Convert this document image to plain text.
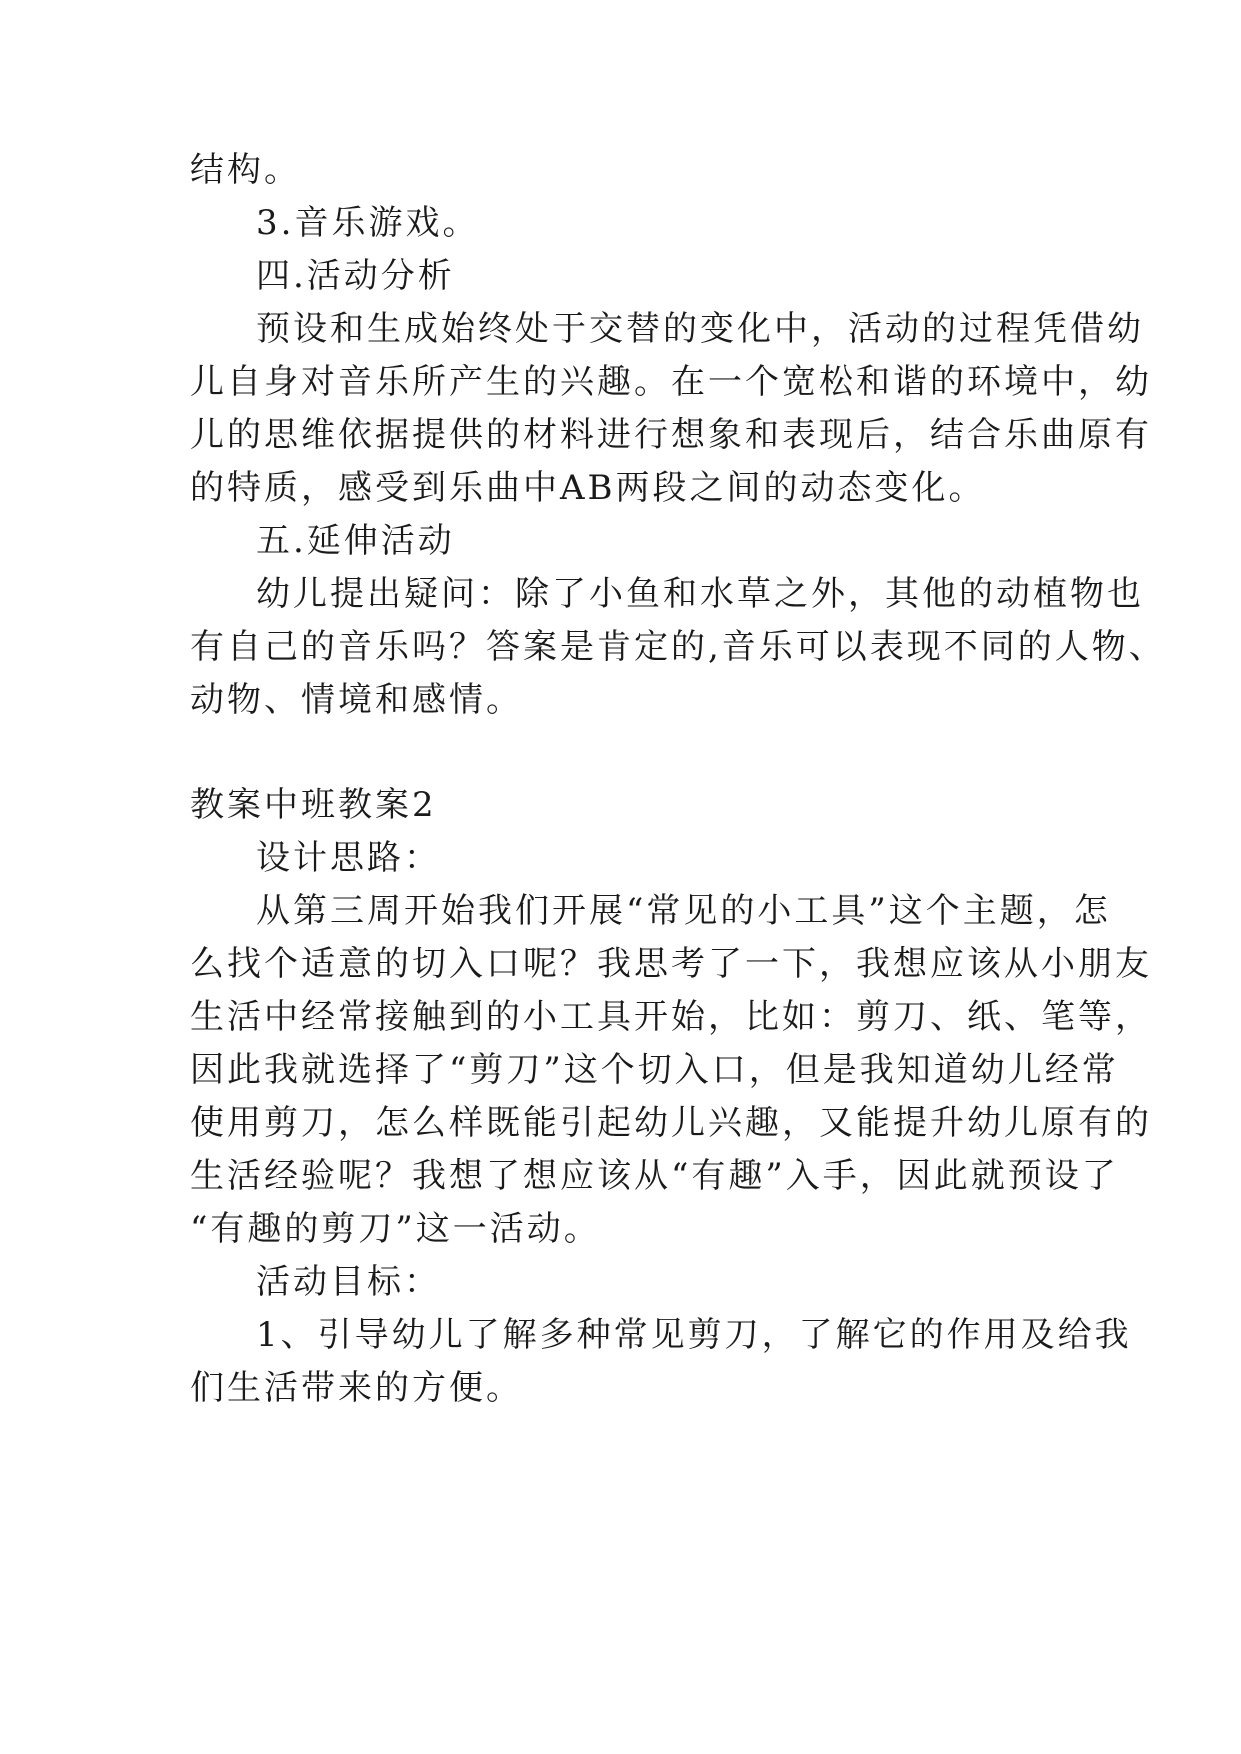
结构。
3.音乐游戏。
四.活动分析
预设和生成始终处于交替的变化中，活动的过程凭借幼
儿自身对音乐所产生的兴趣。在一个宽松和谐的环境中，幼
儿的思维依据提供的材料进行想象和表现后，结合乐曲原有
的特质，感受到乐曲中AB两段之间的动态变化。
五.延伸活动
幼儿提出疑问：除了小鱼和水草之外，其他的动植物也
有自己的音乐吗？答案是肯定的,音乐可以表现不同的人物、
动物、情境和感情。
教案中班教案2
设计思路：
从第三周开始我们开展“常见的小工具”这个主题，怎
么找个适意的切入口呢？我思考了一下，我想应该从小朋友
生活中经常接触到的小工具开始，比如：剪刀、纸、笔等，
因此我就选择了“剪刀”这个切入口，但是我知道幼儿经常
使用剪刀，怎么样既能引起幼儿兴趣，又能提升幼儿原有的
生活经验呢？我想了想应该从“有趣”入手，因此就预设了
“有趣的剪刀”这一活动。
活动目标：
1、引导幼儿了解多种常见剪刀，了解它的作用及给我
们生活带来的方便。
